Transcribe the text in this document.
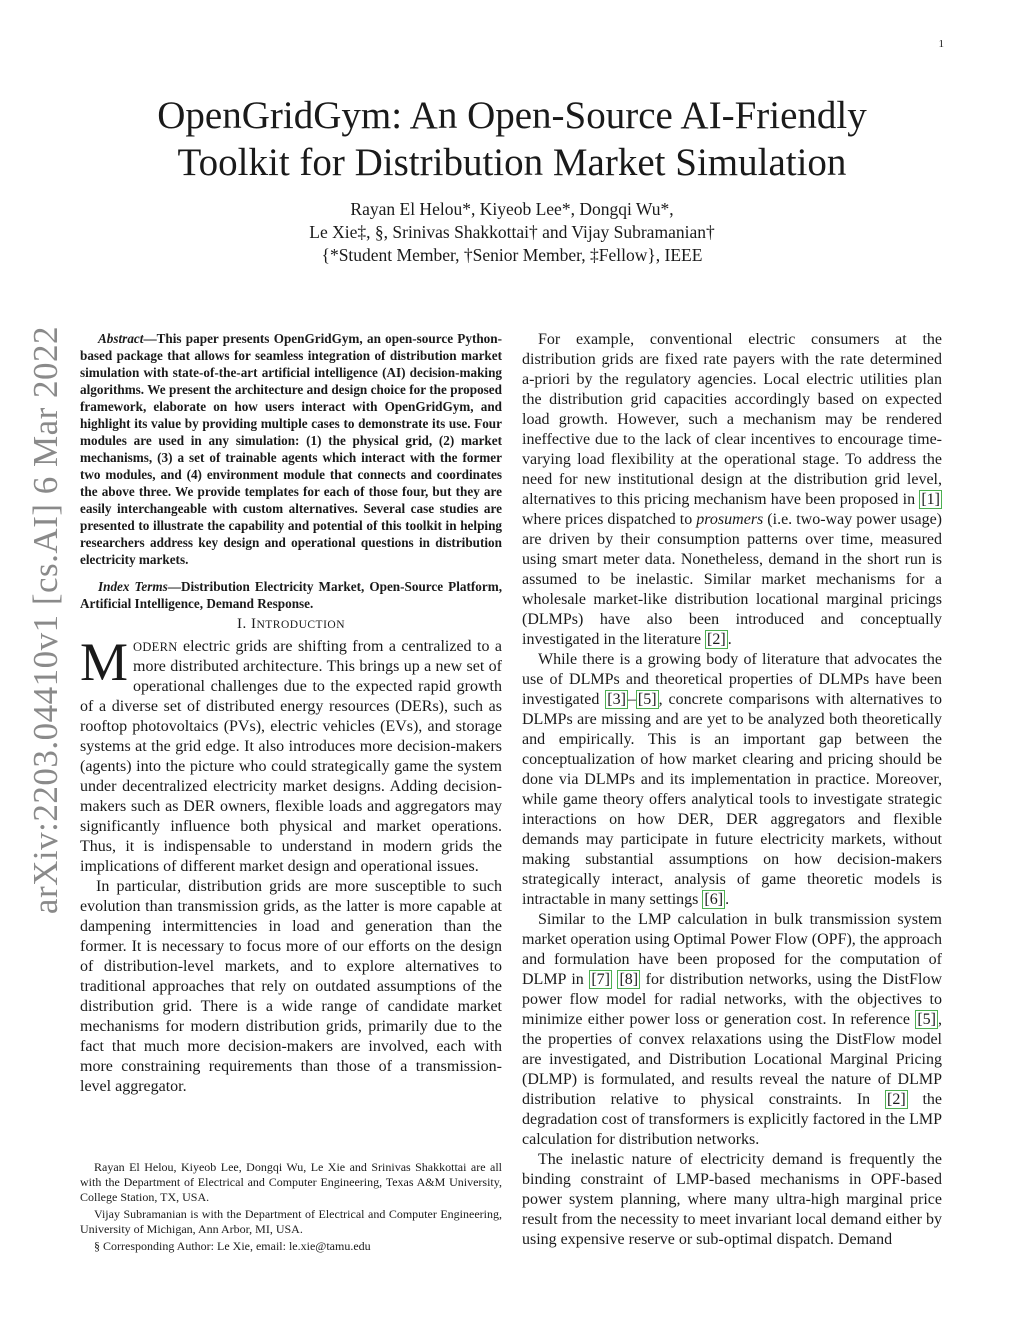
1
arXiv:2203.04410v1 [cs.AI] 6 Mar 2022
OpenGridGym: An Open-Source AI-Friendly
Toolkit for Distribution Market Simulation
Rayan El Helou*, Kiyeob Lee*, Dongqi Wu*,
Le Xie‡, §, Srinivas Shakkottai† and Vijay Subramanian†
{*Student Member, †Senior Member, ‡Fellow}, IEEE

Abstract—This paper presents OpenGridGym, an open-source Python-based package that allows for seamless integration of distribution market simulation with state-of-the-art artificial intelligence (AI) decision-making algorithms. We present the architecture and design choice for the proposed framework, elaborate on how users interact with OpenGridGym, and highlight its value by providing multiple cases to demonstrate its use. Four modules are used in any simulation: (1) the physical grid, (2) market mechanisms, (3) a set of trainable agents which interact with the former two modules, and (4) environment module that connects and coordinates the above three. We provide templates for each of those four, but they are easily interchangeable with custom alternatives. Several case studies are presented to illustrate the capability and potential of this toolkit in helping researchers address key design and operational questions in distribution electricity markets.

Index Terms—Distribution Electricity Market, Open-Source Platform, Artificial Intelligence, Demand Response.

I. INTRODUCTION

MODERN electric grids are shifting from a centralized to a more distributed architecture. This brings up a new set of operational challenges due to the expected rapid growth of a diverse set of distributed energy resources (DERs), such as rooftop photovoltaics (PVs), electric vehicles (EVs), and storage systems at the grid edge. It also introduces more decision-makers (agents) into the picture who could strategically game the system under decentralized electricity market designs. Adding decision-makers such as DER owners, flexible loads and aggregators may significantly influence both physical and market operations. Thus, it is indispensable to understand in modern grids the implications of different market design and operational issues.

In particular, distribution grids are more susceptible to such evolution than transmission grids, as the latter is more capable at dampening intermittencies in load and generation than the former. It is necessary to focus more of our efforts on the design of distribution-level markets, and to explore alternatives to traditional approaches that rely on outdated assumptions of the distribution grid. There is a wide range of candidate market mechanisms for modern distribution grids, primarily due to the fact that much more decision-makers are involved, each with more constraining requirements than those of a transmission-level aggregator.

Rayan El Helou, Kiyeob Lee, Dongqi Wu, Le Xie and Srinivas Shakkottai are all with the Department of Electrical and Computer Engineering, Texas A&M University, College Station, TX, USA.

Vijay Subramanian is with the Department of Electrical and Computer Engineering, University of Michigan, Ann Arbor, MI, USA.

§ Corresponding Author: Le Xie, email: le.xie@tamu.edu

For example, conventional electric consumers at the distribution grids are fixed rate payers with the rate determined a-priori by the regulatory agencies. Local electric utilities plan the distribution grid capacities accordingly based on expected load growth. However, such a mechanism may be rendered ineffective due to the lack of clear incentives to encourage time-varying load flexibility at the operational stage. To address the need for new institutional design at the distribution grid level, alternatives to this pricing mechanism have been proposed in [1] where prices dispatched to prosumers (i.e. two-way power usage) are driven by their consumption patterns over time, measured using smart meter data. Nonetheless, demand in the short run is assumed to be inelastic. Similar market mechanisms for a wholesale market-like distribution locational marginal pricings (DLMPs) have also been introduced and conceptually investigated in the literature [2] .

While there is a growing body of literature that advocates the use of DLMPs and theoretical properties of DLMPs have been investigated [3] – [5] , concrete comparisons with alternatives to DLMPs are missing and are yet to be analyzed both theoretically and empirically. This is an important gap between the conceptualization of how market clearing and pricing should be done via DLMPs and its implementation in practice. Moreover, while game theory offers analytical tools to investigate strategic interactions on how DER, DER aggregators and flexible demands may participate in future electricity markets, without making substantial assumptions on how decision-makers strategically interact, analysis of game theoretic models is intractable in many settings [6] .

Similar to the LMP calculation in bulk transmission system market operation using Optimal Power Flow (OPF), the approach and formulation have been proposed for the computation of DLMP in [7] [8] for distribution networks, using the DistFlow power flow model for radial networks, with the objectives to minimize either power loss or generation cost. In reference [5] , the properties of convex relaxations using the DistFlow model are investigated, and Distribution Locational Marginal Pricing (DLMP) is formulated, and results reveal the nature of DLMP distribution relative to physical constraints. In [2] the degradation cost of transformers is explicitly factored in the LMP calculation for distribution networks.

The inelastic nature of electricity demand is frequently the binding constraint of LMP-based mechanisms in OPF-based power system planning, where many ultra-high marginal price result from the necessity to meet invariant local demand either by using expensive reserve or sub-optimal dispatch. Demand
